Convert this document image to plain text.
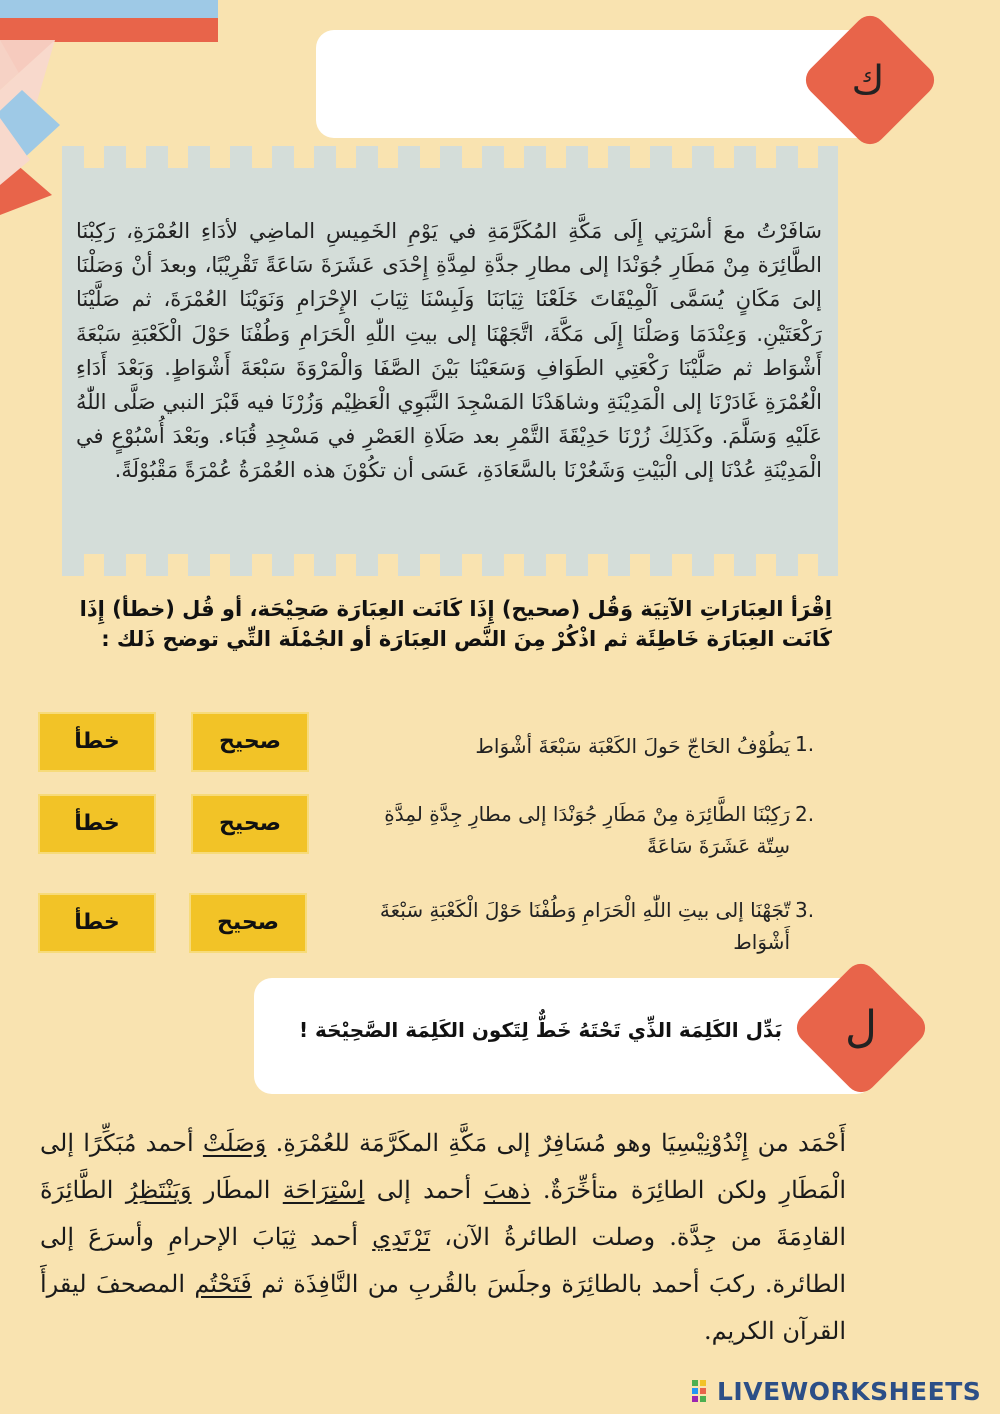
ك
سَافَرْتُ معَ أسْرَتِي إِلَى مَكَّةِ المُكَرَّمَةِ في يَوْمِ الخَمِيسِ الماضِي لأدَاءِ العُمْرَةِ، رَكِبْنَا الطَّائِرَة مِنْ مَطَارِ جُوَنْدَا إلى مطارِ جدَّةِ لمِدَّةِ إِحْدَى عَشَرَةَ سَاعَةً تَقْرِيْبًا، وبعدَ أنْ وَصَلْنَا إلىَ مَكَانٍ يُسَمَّى اَلْمِيْقَاتَ خَلَعْنَا ثِيَابَنَا وَلَبِسْنَا ثِيَابَ الإِحْرَامِ وَنَوَيْنَا العُمْرَةَ، ثم صَلَّيْنَا رَكْعَتَيْنِ. وَعِنْدَمَا وَصَلْنَا إِلَى مَكَّةَ، اتَّجَهْنَا إلى بيتِ اللّٰهِ الْحَرَامِ وَطُفْنَا حَوْلَ الْكَعْبَةِ سَبْعَةَ أَشْوَاط ثم صَلَّيْنَا رَكْعَتِي الطَوَافِ وَسَعَيْنَا بَيْنَ الصَّفَا وَالْمَرْوَةَ سَبْعَةَ أَشْوَاطٍ. وَبَعْدَ أَدَاءِ الْعُمْرَةِ غَادَرْنَا إلى الْمَدِيْنَةِ وشاهَدْنَا المَسْجِدَ النَّبَوِي الْعَظِيْم وَزُرْنَا فيه قَبْرَ النبي صَلَّى اللّٰهُ عَلَيْهِ وَسَلَّمَ. وكَذَلِكَ زُرْنَا حَدِيْقَةَ التَّمْرِ بعد صَلَاةِ العَصْرِ في مَسْجِدِ قُبَاء. وبَعْدَ أُسْبُوْعٍ في الْمَدِيْنَةِ عُدْنَا إلى الْبَيْتِ وَشَعُرْنَا بالسَّعَادَةِ، عَسَى أن تكُوْنَ هذه العُمْرَةُ عُمْرَةً مَقْبُوْلَةً.
اِقْرَأ العِبَارَاتِ الآتِيَة وَقُل (صحيح) إِذَا كَانَت العِبَارَة صَحِيْحَة، أو قُل (خطأ) إِذَا كَانَت العِبَارَة خَاطِئَة ثم اذْكُرْ مِنَ النَّص العِبَارَة أو الجُمْلَة التِّي توضح ذَلك :
1.
يَطُوْفُ الحَاجّ حَولَ الكَعْبَة سَبْعَةَ أشْوَاط
صحيح
خطأ
2.
رَكِبْنَا الطَّائِرَة مِنْ مَطَارِ جُوَنْدَا إلى مطارِ جِدَّةِ لمِدَّةِ سِتّة عَشَرَةَ سَاعَةً
صحيح
خطأ
3.
تّجَهْنَا إلى بيتِ اللّٰهِ الْحَرَامِ وَطُفْنَا حَوْلَ الْكَعْبَةِ سَبْعَةَ أَشْوَاط
صحيح
خطأ
بَدِّل الكَلِمَة الذِّي تَحْتَهُ خَطٌّ لِتَكون الكَلِمَة الصَّحِيْحَة !	ل
أَحْمَد من إِنْدُوْنِيْسِيَا وهو مُسَافِرٌ إلى مَكَّةِ المكَرَّمَة للعُمْرَةِ. وَصَلَتْ أحمد مُبَكِّرًا إلى الْمَطَارِ ولكن الطائِرَة متأخِّرَةٌ. ذهبَ أحمد إلى اِسْتِرَاحَة المطَار وَيَنْتَظِرُ الطَّائِرَةَ القادِمَةَ من جِدَّة. وصلت الطائرةُ الآن، تَرْتَدِي أحمد ثِيَابَ الإحرامِ وأسرَعَ إلى الطائرة. ركبَ أحمد بالطائِرَة وجلَسَ بالقُربِ من النَّافِذَة ثم فَتَحْتُم المصحفَ ليقرأَ القرآن الكريم.
LIVEWORKSHEETS
